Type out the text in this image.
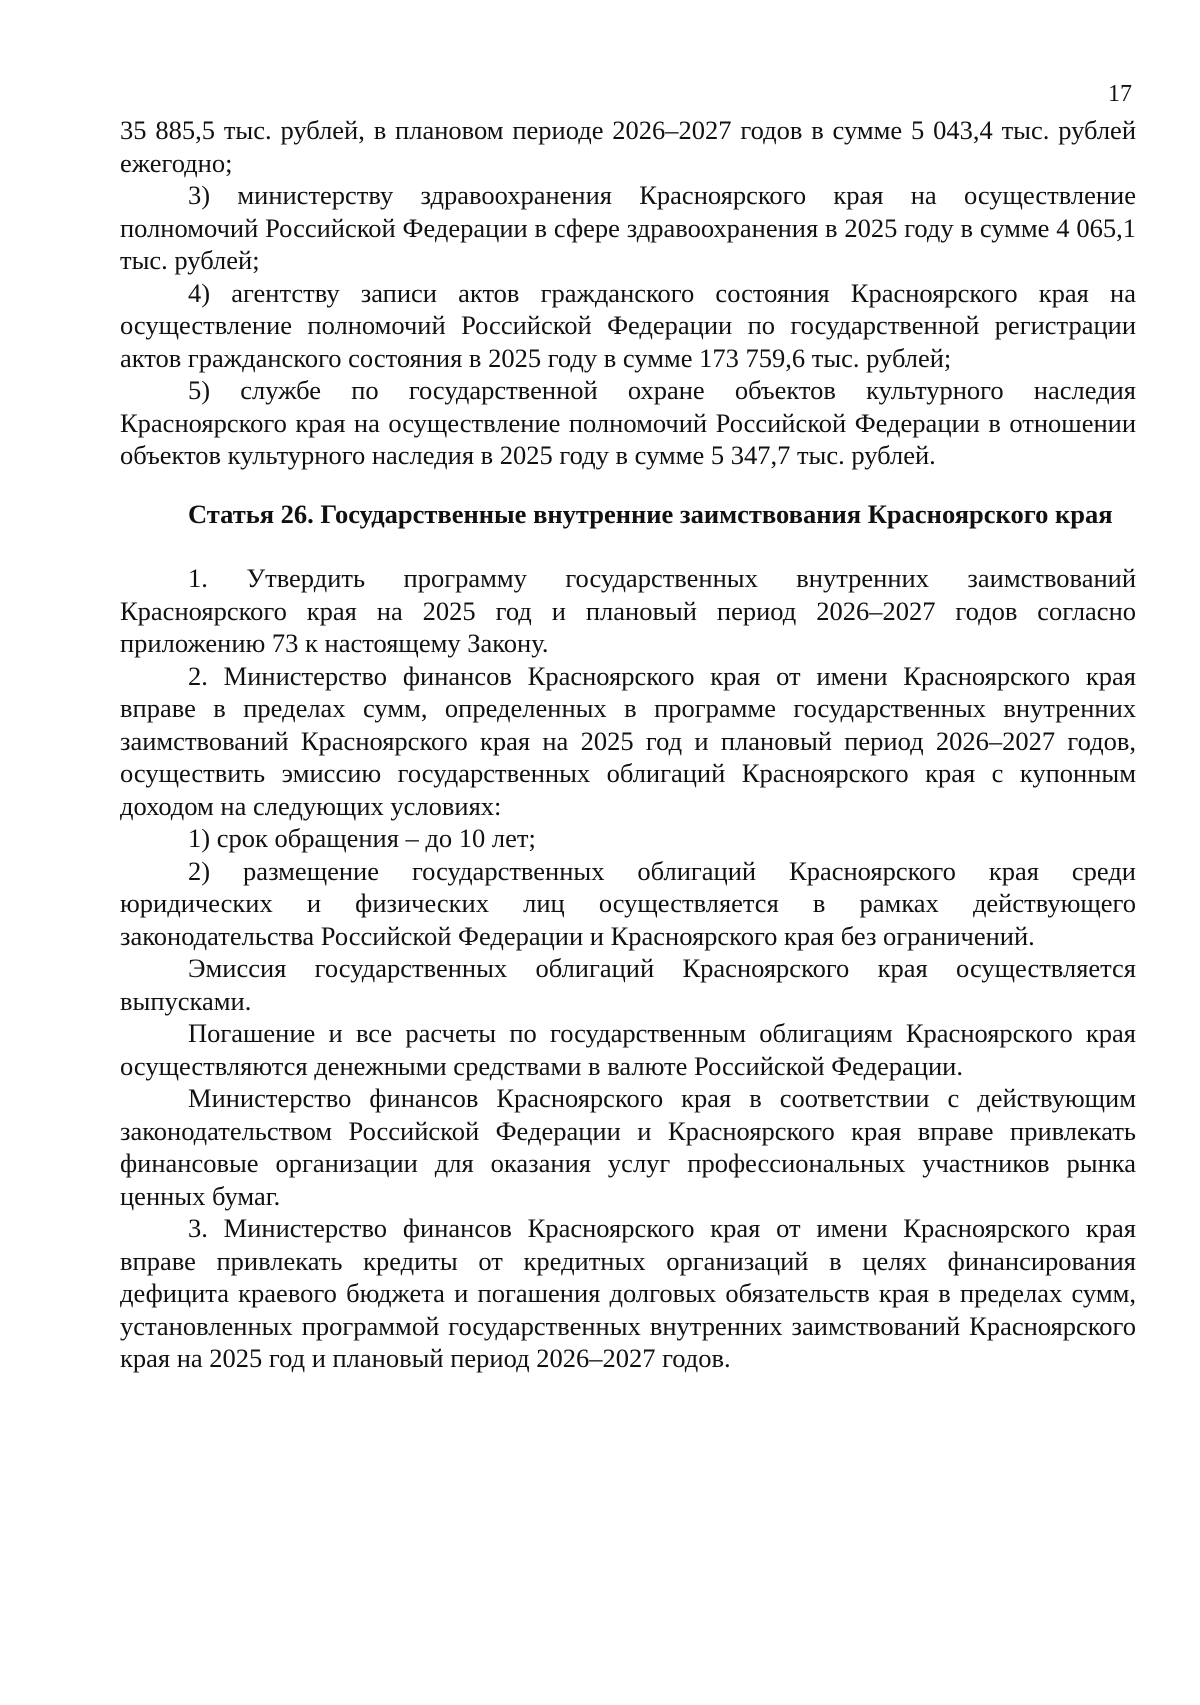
17

35 885,5 тыс. рублей, в плановом периоде 2026–2027 годов в сумме 5 043,4 тыс. рублей ежегодно;

3) министерству здравоохранения Красноярского края на осуществление полномочий Российской Федерации в сфере здравоохранения в 2025 году в сумме 4 065,1 тыс. рублей;

4) агентству записи актов гражданского состояния Красноярского края на осуществление полномочий Российской Федерации по государственной регистрации актов гражданского состояния в 2025 году в сумме 173 759,6 тыс. рублей;

5) службе по государственной охране объектов культурного наследия Красноярского края на осуществление полномочий Российской Федерации в отношении объектов культурного наследия в 2025 году в сумме 5 347,7 тыс. рублей.

Статья 26. Государственные внутренние заимствования Красноярского края

1. Утвердить программу государственных внутренних заимствований Красноярского края на 2025 год и плановый период 2026–2027 годов согласно приложению 73 к настоящему Закону.

2. Министерство финансов Красноярского края от имени Красноярского края вправе в пределах сумм, определенных в программе государственных внутренних заимствований Красноярского края на 2025 год и плановый период 2026–2027 годов, осуществить эмиссию государственных облигаций Красноярского края с купонным доходом на следующих условиях:

1) срок обращения – до 10 лет;

2) размещение государственных облигаций Красноярского края среди юридических и физических лиц осуществляется в рамках действующего законодательства Российской Федерации и Красноярского края без ограничений.

Эмиссия государственных облигаций Красноярского края осуществляется выпусками.

Погашение и все расчеты по государственным облигациям Красноярского края осуществляются денежными средствами в валюте Российской Федерации.

Министерство финансов Красноярского края в соответствии с действующим законодательством Российской Федерации и Красноярского края вправе привлекать финансовые организации для оказания услуг профессиональных участников рынка ценных бумаг.

3. Министерство финансов Красноярского края от имени Красноярского края вправе привлекать кредиты от кредитных организаций в целях финансирования дефицита краевого бюджета и погашения долговых обязательств края в пределах сумм, установленных программой государственных внутренних заимствований Красноярского края на 2025 год и плановый период 2026–2027 годов.
